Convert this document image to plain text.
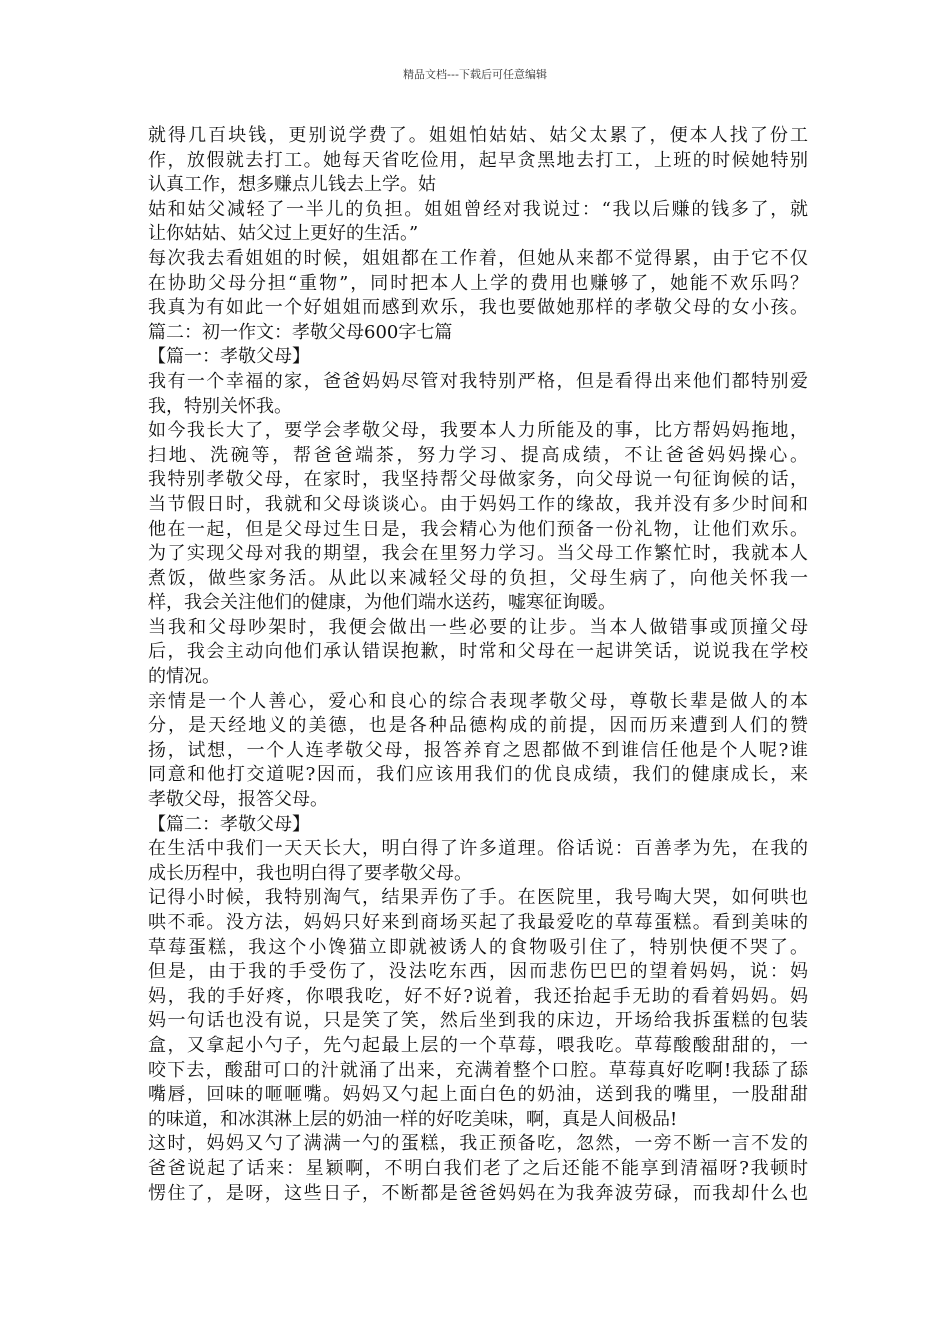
精品文档---下载后可任意编辑
就得几百块钱，更别说学费了。姐姐怕姑姑、姑父太累了，便本人找了份工
作，放假就去打工。她每天省吃俭用，起早贪黑地去打工，上班的时候她特别
认真工作，想多赚点儿钱去上学。姑
姑和姑父减轻了一半儿的负担。姐姐曾经对我说过：“我以后赚的钱多了，就
让你姑姑、姑父过上更好的生活。”
每次我去看姐姐的时候，姐姐都在工作着，但她从来都不觉得累，由于它不仅
在协助父母分担“重物”，同时把本人上学的费用也赚够了，她能不欢乐吗？
我真为有如此一个好姐姐而感到欢乐，我也要做她那样的孝敬父母的女小孩。
篇二：初一作文：孝敬父母600字七篇
【篇一：孝敬父母】
我有一个幸福的家，爸爸妈妈尽管对我特别严格，但是看得出来他们都特别爱
我，特别关怀我。
如今我长大了，要学会孝敬父母，我要本人力所能及的事，比方帮妈妈拖地，
扫地、洗碗等，帮爸爸端茶，努力学习、提高成绩，不让爸爸妈妈操心。
我特别孝敬父母，在家时，我坚持帮父母做家务，向父母说一句征询候的话，
当节假日时，我就和父母谈谈心。由于妈妈工作的缘故，我并没有多少时间和
他在一起，但是父母过生日是，我会精心为他们预备一份礼物，让他们欢乐。
为了实现父母对我的期望，我会在里努力学习。当父母工作繁忙时，我就本人
煮饭，做些家务活。从此以来减轻父母的负担，父母生病了，向他关怀我一
样，我会关注他们的健康，为他们端水送药，嘘寒征询暖。
当我和父母吵架时，我便会做出一些必要的让步。当本人做错事或顶撞父母
后，我会主动向他们承认错误抱歉，时常和父母在一起讲笑话，说说我在学校
的情况。
亲情是一个人善心，爱心和良心的综合表现孝敬父母，尊敬长辈是做人的本
分，是天经地义的美德，也是各种品德构成的前提，因而历来遭到人们的赞
扬，试想，一个人连孝敬父母，报答养育之恩都做不到谁信任他是个人呢?谁
同意和他打交道呢?因而，我们应该用我们的优良成绩，我们的健康成长，来
孝敬父母，报答父母。
【篇二：孝敬父母】
在生活中我们一天天长大，明白得了许多道理。俗话说：百善孝为先，在我的
成长历程中，我也明白得了要孝敬父母。
记得小时候，我特别淘气，结果弄伤了手。在医院里，我号啕大哭，如何哄也
哄不乖。没方法，妈妈只好来到商场买起了我最爱吃的草莓蛋糕。看到美味的
草莓蛋糕，我这个小馋猫立即就被诱人的食物吸引住了，特别快便不哭了。
但是，由于我的手受伤了，没法吃东西，因而悲伤巴巴的望着妈妈，说：妈
妈，我的手好疼，你喂我吃，好不好?说着，我还抬起手无助的看着妈妈。妈
妈一句话也没有说，只是笑了笑，然后坐到我的床边，开场给我拆蛋糕的包装
盒，又拿起小勺子，先勺起最上层的一个草莓，喂我吃。草莓酸酸甜甜的，一
咬下去，酸甜可口的汁就涌了出来，充满着整个口腔。草莓真好吃啊!我舔了舔
嘴唇，回味的咂咂嘴。妈妈又勺起上面白色的奶油，送到我的嘴里，一股甜甜
的味道，和冰淇淋上层的奶油一样的好吃美味，啊，真是人间极品!
这时，妈妈又勺了满满一勺的蛋糕，我正预备吃，忽然，一旁不断一言不发的
爸爸说起了话来：星颖啊，不明白我们老了之后还能不能享到清福呀?我顿时
愣住了，是呀，这些日子，不断都是爸爸妈妈在为我奔波劳碌，而我却什么也
